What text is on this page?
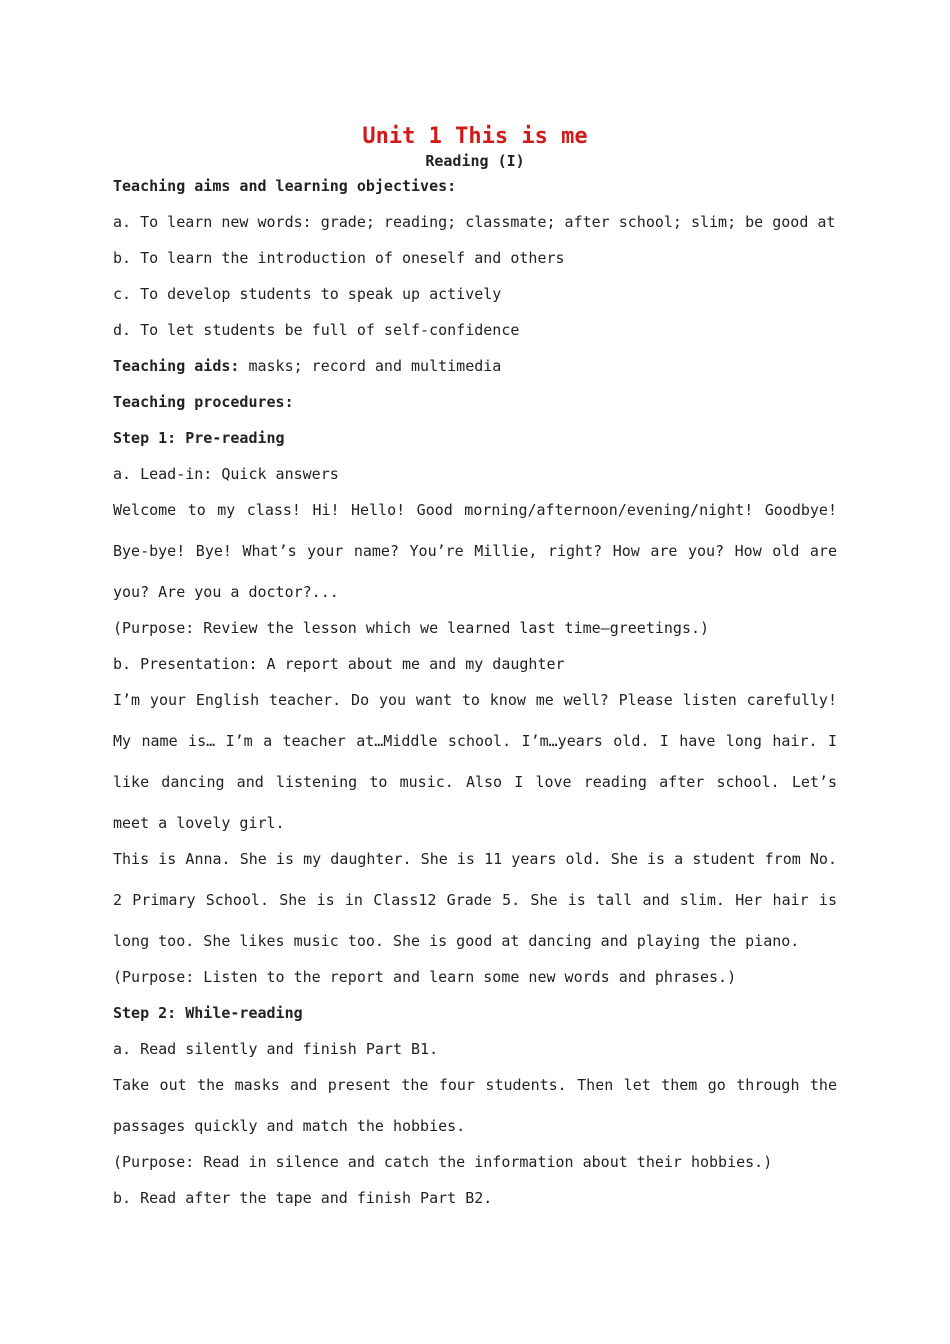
Unit 1 This is me
Reading (I)
Teaching aims and learning objectives:
a. To learn new words: grade; reading; classmate; after school; slim; be good at
b. To learn the introduction of oneself and others
c. To develop students to speak up actively
d. To let students be full of self-confidence
Teaching aids: masks; record and multimedia
Teaching procedures:
Step 1: Pre-reading
a. Lead-in: Quick answers
Welcome to my class! Hi! Hello! Good morning/afternoon/evening/night! Goodbye! Bye-bye! Bye! What’s your name? You’re Millie, right? How are you? How old are you? Are you a doctor?...
(Purpose: Review the lesson which we learned last time—greetings.)
b. Presentation: A report about me and my daughter
I’m your English teacher. Do you want to know me well? Please listen carefully! My name is… I’m a teacher at…Middle school. I’m…years old. I have long hair. I like dancing and listening to music. Also I love reading after school. Let’s meet a lovely girl.
This is Anna. She is my daughter. She is 11 years old. She is a student from No. 2 Primary School. She is in Class12 Grade 5. She is tall and slim. Her hair is long too. She likes music too. She is good at dancing and playing the piano.
(Purpose: Listen to the report and learn some new words and phrases.)
Step 2: While-reading
a. Read silently and finish Part B1.
Take out the masks and present the four students. Then let them go through the passages quickly and match the hobbies.
(Purpose: Read in silence and catch the information about their hobbies.)
b. Read after the tape and finish Part B2.
